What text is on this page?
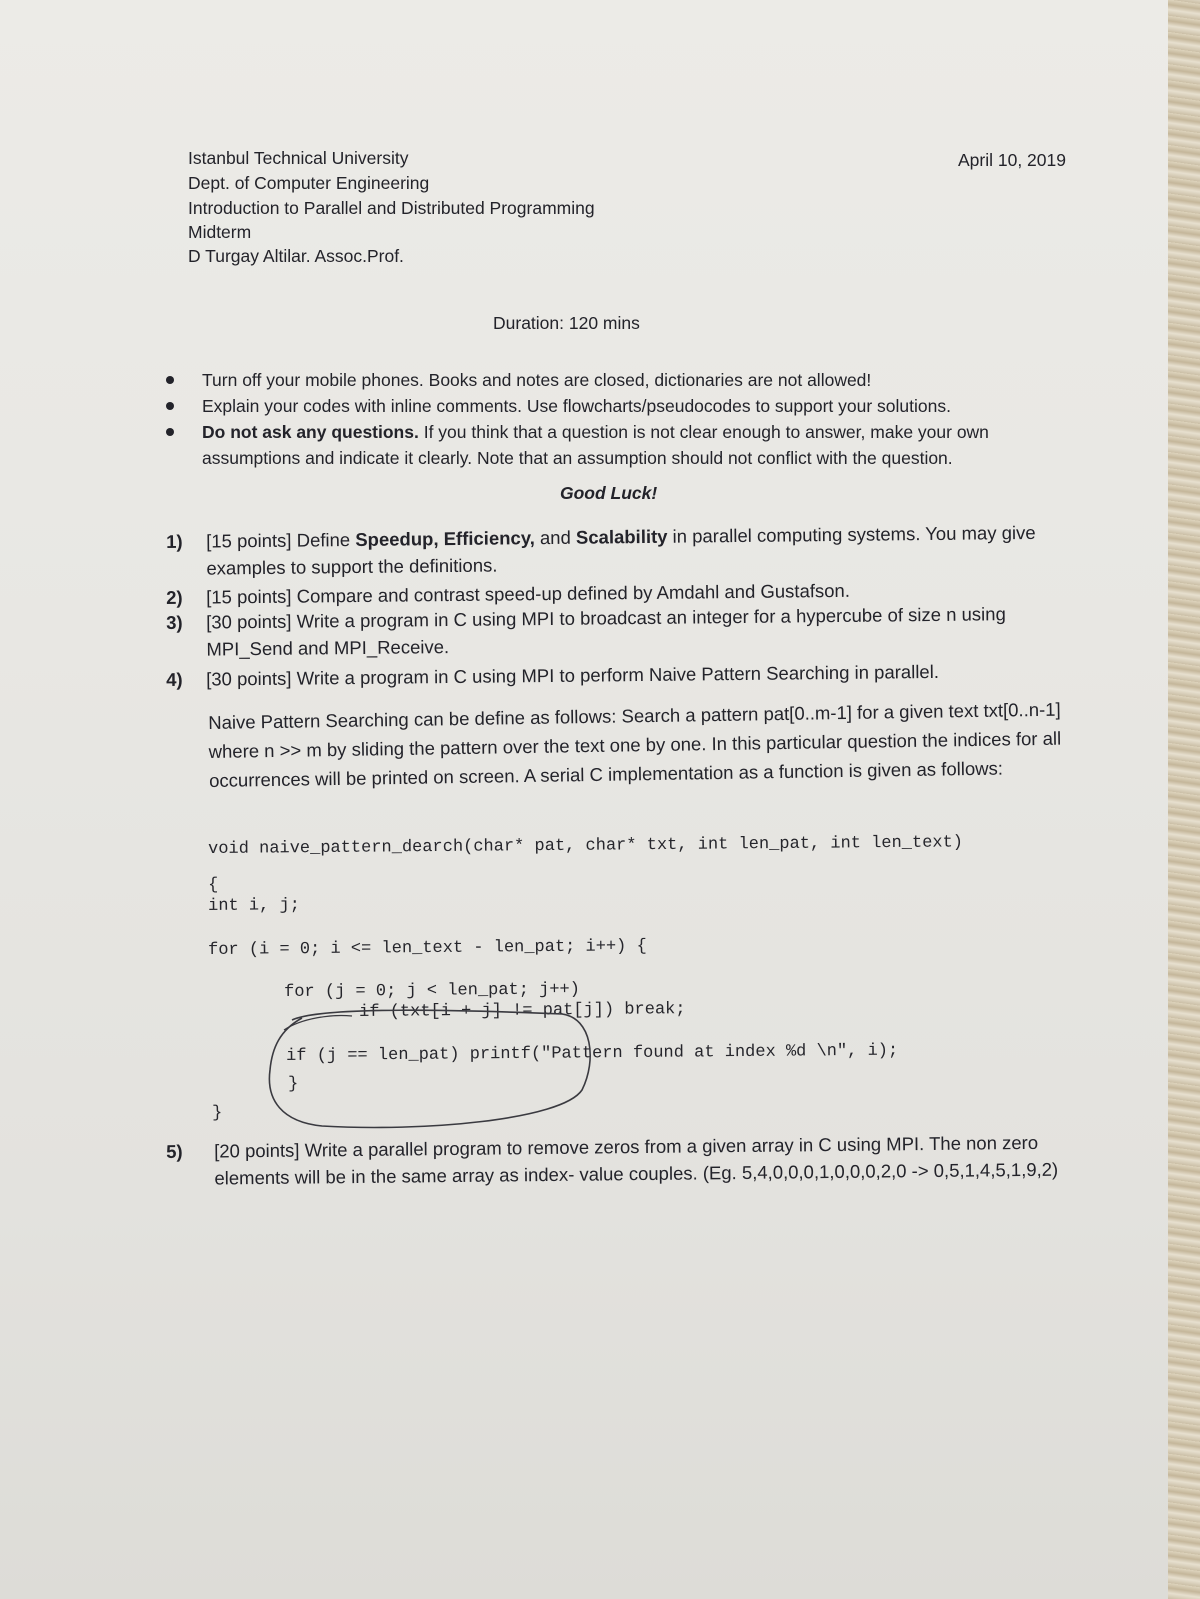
Istanbul Technical University
Dept. of Computer Engineering
Introduction to Parallel and Distributed Programming
Midterm
D Turgay Altilar. Assoc.Prof.
April 10, 2019
Duration: 120 mins
Turn off your mobile phones. Books and notes are closed, dictionaries are not allowed!
Explain your codes with inline comments. Use flowcharts/pseudocodes to support your solutions.
Do not ask any questions. If you think that a question is not clear enough to answer, make your own assumptions and indicate it clearly. Note that an assumption should not conflict with the question.
Good Luck!
1)	[15 points] Define Speedup, Efficiency, and Scalability in parallel computing systems. You may give examples to support the definitions.
2)	[15 points] Compare and contrast speed-up defined by Amdahl and Gustafson.
3)	[30 points] Write a program in C using MPI to broadcast an integer for a hypercube of size n using MPI_Send and MPI_Receive.
4)	[30 points] Write a program in C using MPI to perform Naive Pattern Searching in parallel.
Naive Pattern Searching can be define as follows: Search a pattern pat[0..m-1] for a given text txt[0..n-1] where n >> m by sliding the pattern over the text one by one. In this particular question the indices for all occurrences will be printed on screen. A serial C implementation as a function is given as follows:
void naive_pattern_dearch(char* pat, char* txt, int len_pat, int len_text)
{
int i, j;
for (i = 0; i <= len_text - len_pat; i++) {
for (j = 0; j < len_pat; j++)
if (txt[i + j] != pat[j]) break;
if (j == len_pat) printf("Pattern found at index %d \n", i);
}
}
5)	[20 points] Write a parallel program to remove zeros from a given array in C using MPI. The non zero elements will be in the same array as index- value couples. (Eg. 5,4,0,0,0,1,0,0,0,2,0 -> 0,5,1,4,5,1,9,2)
